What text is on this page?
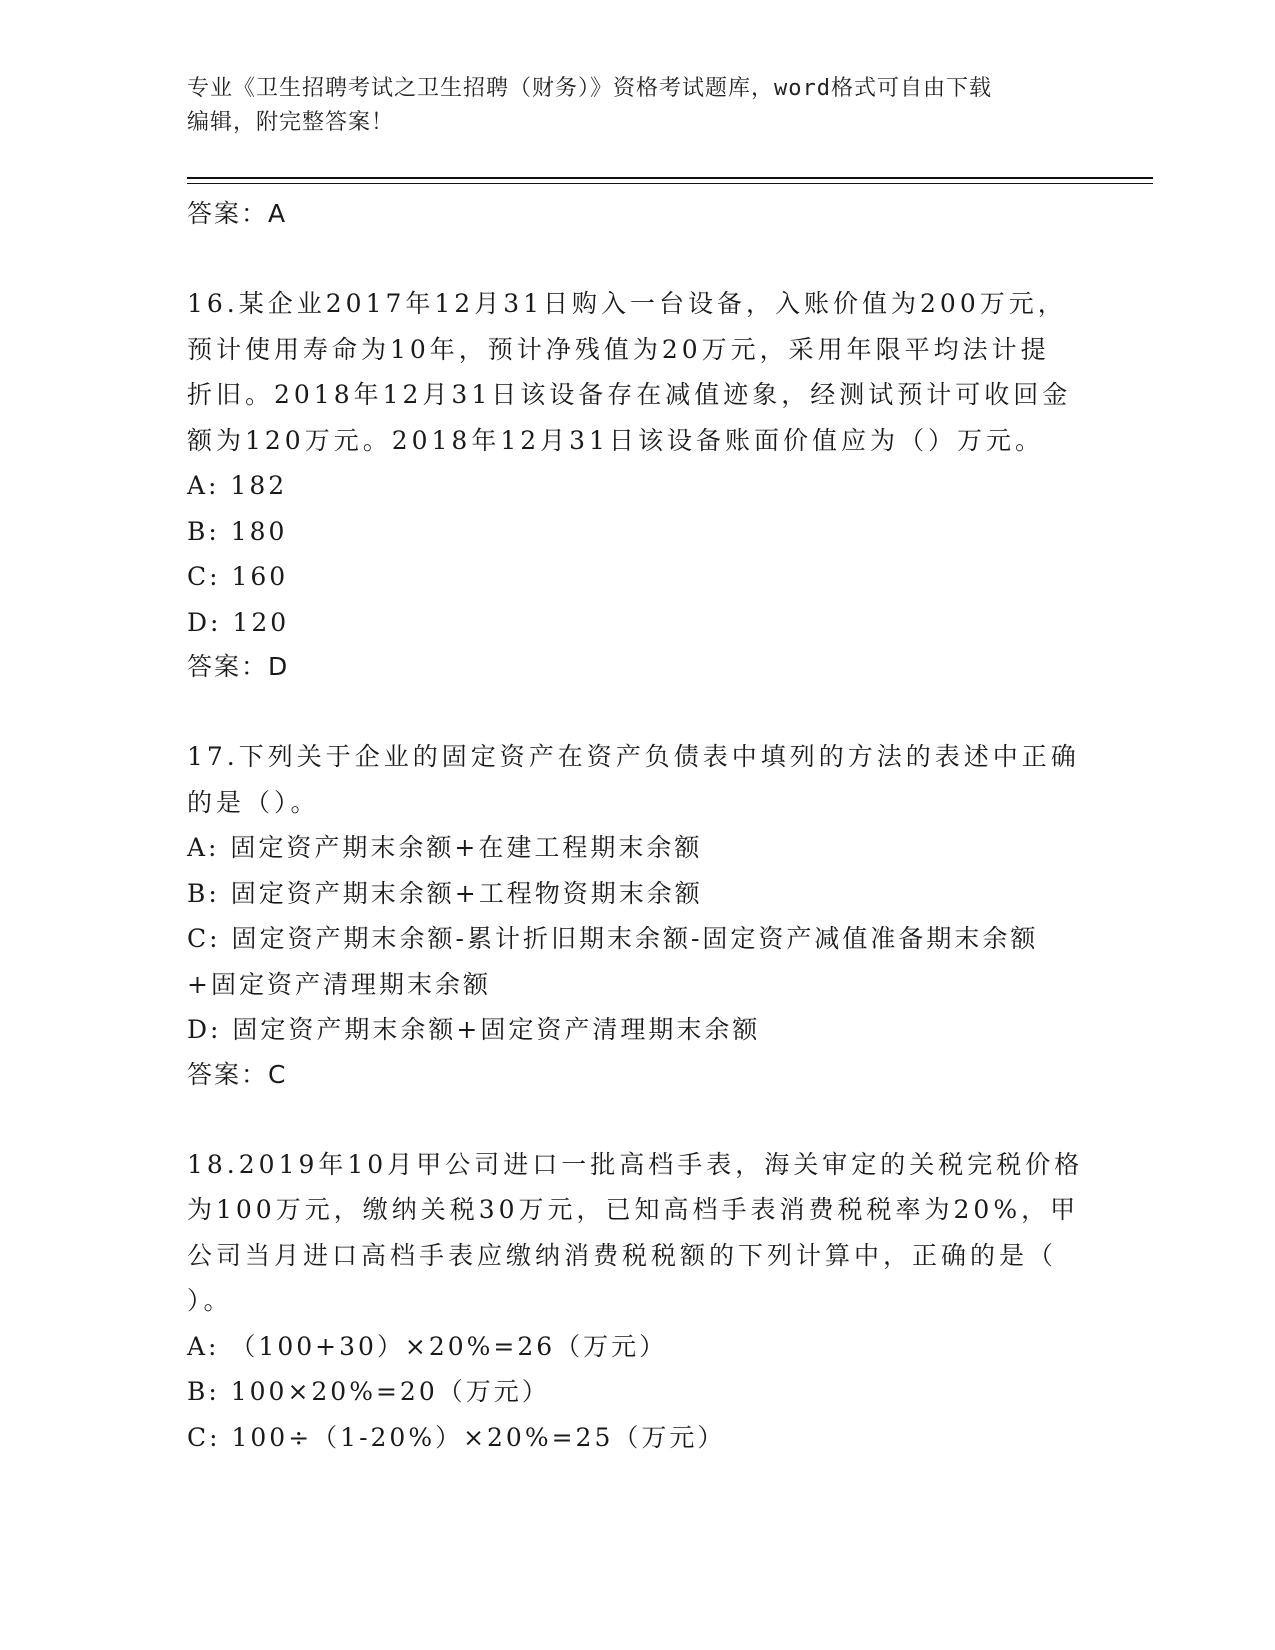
专业《卫生招聘考试之卫生招聘（财务）》资格考试题库，word格式可自由下载
编辑，附完整答案！
答案：A
16.某企业2017年12月31日购入一台设备，入账价值为200万元，
预计使用寿命为10年，预计净残值为20万元，采用年限平均法计提
折旧。2018年12月31日该设备存在减值迹象，经测试预计可收回金
额为120万元。2018年12月31日该设备账面价值应为（）万元。
A: 182
B: 180
C: 160
D: 120
答案：D
17.下列关于企业的固定资产在资产负债表中填列的方法的表述中正确
的是（）。
A: 固定资产期末余额+在建工程期末余额
B: 固定资产期末余额+工程物资期末余额
C: 固定资产期末余额-累计折旧期末余额-固定资产减值准备期末余额
+固定资产清理期末余额
D: 固定资产期末余额+固定资产清理期末余额
答案：C
18.2019年10月甲公司进口一批高档手表，海关审定的关税完税价格
为100万元，缴纳关税30万元，已知高档手表消费税税率为20%，甲
公司当月进口高档手表应缴纳消费税税额的下列计算中，正确的是（
）。
A: （100+30）×20%=26（万元）
B: 100×20%=20（万元）
C: 100÷（1-20%）×20%=25（万元）
